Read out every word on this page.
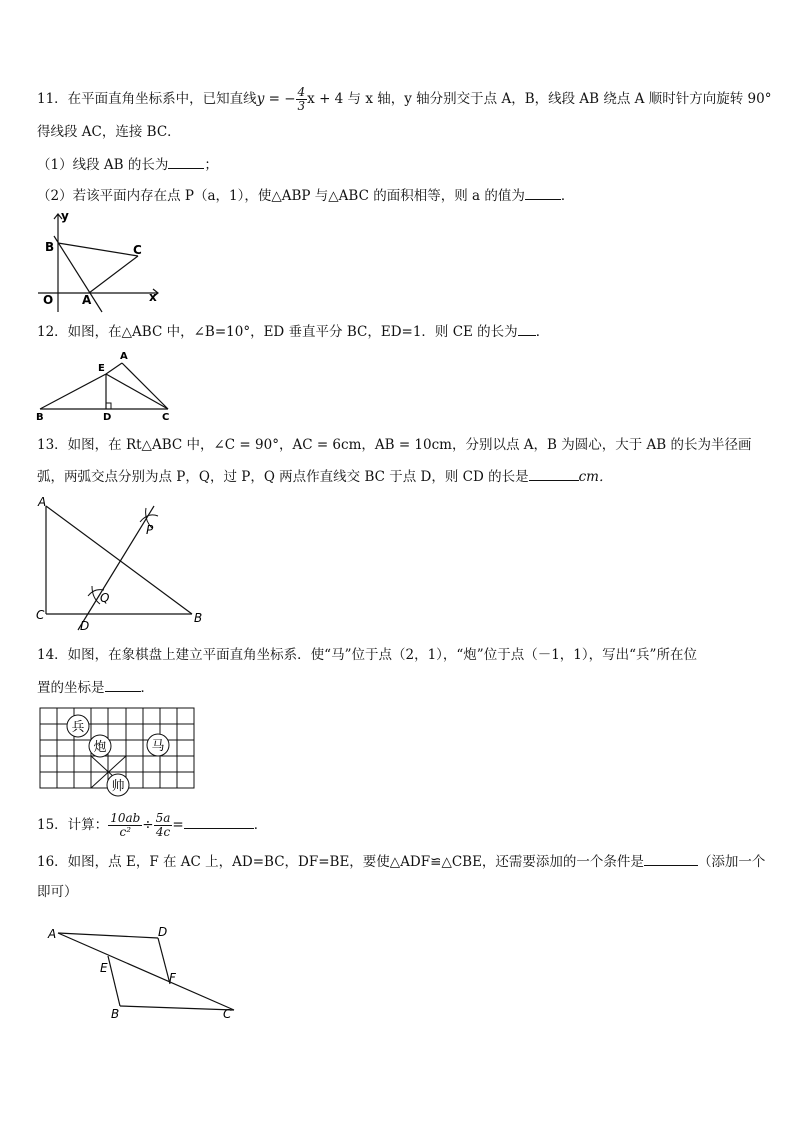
11．在平面直角坐标系中，已知直线y = − $\frac{4}{3}$ x + 4 与 x 轴，y 轴分别交于点 A，B，线段 AB 绕点 A 顺时针方向旋转 90°
得线段 AC，连接 BC．
（1）线段 AB 的长为	；
（2）若该平面内存在点 P（a，1），使△ABP 与△ABC 的面积相等，则 a 的值为	．
y
x
B	C
O A
12．如图，在△ABC 中，∠B=10°，ED 垂直平分 BC，ED=1．则 CE 的长为 ．
A
E
B	D	C
13．如图，在 Rt△ABC 中，∠C = 90°，AC = 6cm，AB = 10cm，分别以点 A，B 为圆心，大于 AB 的长为半径画
弧，两弧交点分别为点 P，Q，过 P，Q 两点作直线交 BC 于点 D，则 CD 的长是	cm．
A
P
Q
C
D
B
14．如图，在象棋盘上建立平面直角坐标系．使“马”位于点（2，1），“炮”位于点（－1，1），写出“兵”所在位
置的坐标是	．
兵
炮	马
帅
15．计算： $\frac{10ab}{\text{c²}} \div \frac{5a}{4c}$ =	．
16．如图，点 E，F 在 AC 上，AD=BC，DF=BE，要使△ADF≌△CBE，还需要添加的一个条件是	（添加一个
即可）
A	D
E
F
B	C
